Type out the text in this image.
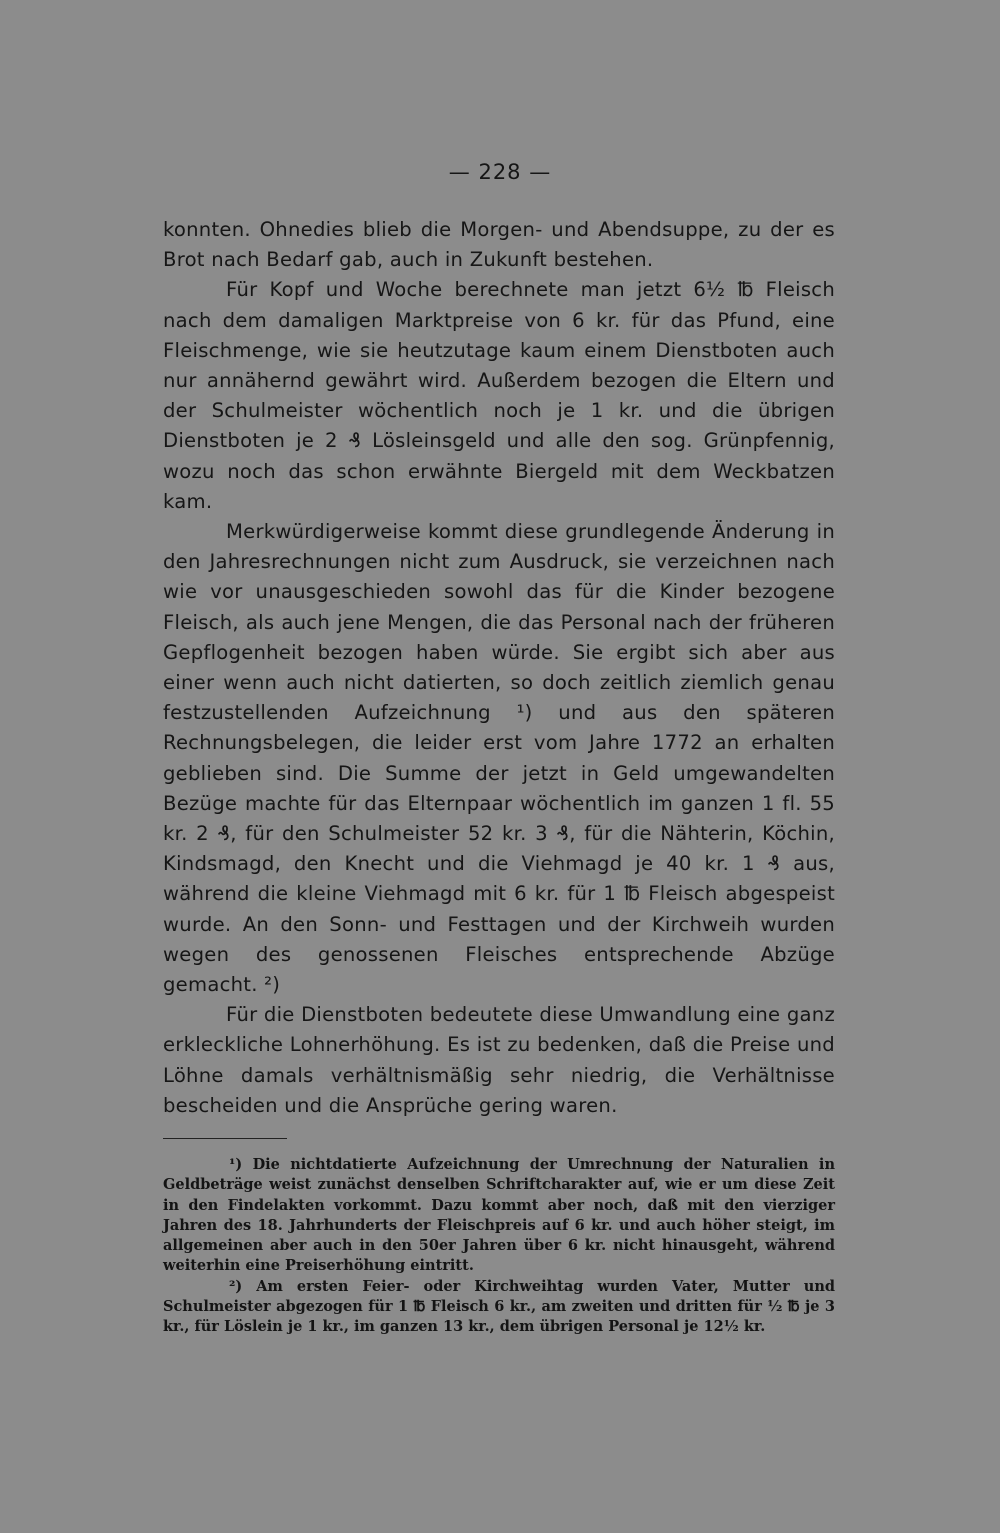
— 228 —

konnten. Ohnedies blieb die Morgen- und Abendsuppe, zu der es Brot nach Bedarf gab, auch in Zukunft bestehen.

Für Kopf und Woche berechnete man jetzt 6½ ℔ Fleisch nach dem damaligen Marktpreise von 6 kr. für das Pfund, eine Fleischmenge, wie sie heutzutage kaum einem Dienstboten auch nur annähernd gewährt wird. Außerdem bezogen die Eltern und der Schulmeister wöchentlich noch je 1 kr. und die übrigen Dienstboten je 2 ₰ Lösleinsgeld und alle den sog. Grünpfennig, wozu noch das schon erwähnte Biergeld mit dem Weckbatzen kam.

Merkwürdigerweise kommt diese grundlegende Änderung in den Jahresrechnungen nicht zum Ausdruck, sie verzeichnen nach wie vor unausgeschieden sowohl das für die Kinder bezogene Fleisch, als auch jene Mengen, die das Personal nach der früheren Gepflogenheit bezogen haben würde. Sie ergibt sich aber aus einer wenn auch nicht datierten, so doch zeitlich ziemlich genau festzustellenden Aufzeichnung ¹) und aus den späteren Rechnungsbelegen, die leider erst vom Jahre 1772 an erhalten geblieben sind. Die Summe der jetzt in Geld umgewandelten Bezüge machte für das Elternpaar wöchentlich im ganzen 1 fl. 55 kr. 2 ₰, für den Schulmeister 52 kr. 3 ₰, für die Nähterin, Köchin, Kindsmagd, den Knecht und die Viehmagd je 40 kr. 1 ₰ aus, während die kleine Viehmagd mit 6 kr. für 1 ℔ Fleisch abgespeist wurde. An den Sonn- und Festtagen und der Kirchweih wurden wegen des genossenen Fleisches entsprechende Abzüge gemacht. ²)

Für die Dienstboten bedeutete diese Umwandlung eine ganz erkleckliche Lohnerhöhung. Es ist zu bedenken, daß die Preise und Löhne damals verhältnismäßig sehr niedrig, die Verhältnisse bescheiden und die Ansprüche gering waren.

¹) Die nichtdatierte Aufzeichnung der Umrechnung der Naturalien in Geldbeträge weist zunächst denselben Schriftcharakter auf, wie er um diese Zeit in den Findelakten vorkommt. Dazu kommt aber noch, daß mit den vierziger Jahren des 18. Jahrhunderts der Fleischpreis auf 6 kr. und auch höher steigt, im allgemeinen aber auch in den 50er Jahren über 6 kr. nicht hinausgeht, während weiterhin eine Preiserhöhung eintritt.

²) Am ersten Feier- oder Kirchweihtag wurden Vater, Mutter und Schulmeister abgezogen für 1 ℔ Fleisch 6 kr., am zweiten und dritten für ½ ℔ je 3 kr., für Löslein je 1 kr., im ganzen 13 kr., dem übrigen Personal je 12½ kr.
